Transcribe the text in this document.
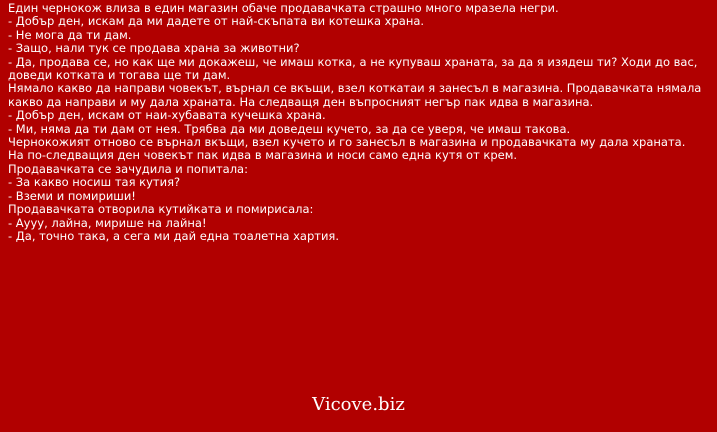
Един чернокож влиза в един магазин обаче продавачката страшно много мразела негри.
- Добър ден, искам да ми дадете от най-скъпата ви котешка храна.
- Не мога да ти дам.
- Защо, нали тук се продава храна за животни?
- Да, продава се, но как ще ми докажеш, че имаш котка, а не купуваш храната, за да я изядеш ти? Ходи до вас, доведи котката и тогава ще ти дам.
Нямало какво да направи човекът, върнал се вкъщи, взел коткатаи я занесъл в магазина. Продавачката нямала какво да направи и му дала храната. На следващя ден въпросният негър пак идва в магазина.
- Добър ден, искам от наи-хубавата кучешка храна.
- Ми, няма да ти дам от нея. Трябва да ми доведеш кучето, за да се уверя, че имаш такова.
Чернокожият отново се върнал вкъщи, взел кучето и го занесъл в магазина и продавачката му дала храната.
На по-следващия ден човекът пак идва в магазина и носи само една кутя от крем.
Продавачката се зачудила и попитала:
- За какво носиш тая кутия?
- Вземи и помириши!
Продавачката отворила кутийката и помирисала:
- Аууу, лайна, мирише на лайна!
- Да, точно така, а сега ми дай една тоалетна хартия.
Vicove.biz
